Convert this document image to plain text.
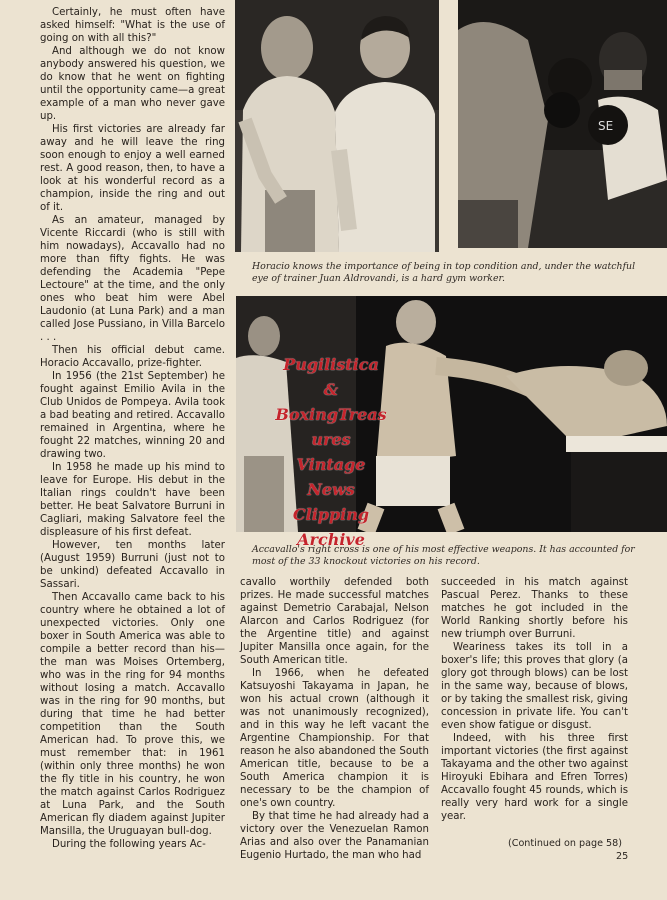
Certainly, he must often have asked himself: "What is the use of going on with all this?"

And although we do not know anybody answered his question, we do know that he went on fighting until the opportunity came—a great example of a man who never gave up.

His first victories are already far away and he will leave the ring soon enough to enjoy a well earned rest. A good reason, then, to have a look at his wonderful record as a champion, inside the ring and out of it.

As an amateur, managed by Vicente Riccardi (who is still with him nowadays), Accavallo had no more than fifty fights. He was defending the Academia "Pepe Lectoure" at the time, and the only ones who beat him were Abel Laudonio (at Luna Park) and a man called Jose Pussiano, in Villa Barcelo . . .

Then his official debut came. Horacio Accavallo, prize-fighter.

In 1956 (the 21st September) he fought against Emilio Avila in the Club Unidos de Pompeya. Avila took a bad beating and retired. Accavallo remained in Argentina, where he fought 22 matches, winning 20 and drawing two.

In 1958 he made up his mind to leave for Europe. His debut in the Italian rings couldn't have been better. He beat Salvatore Burruni in Cagliari, making Salvatore feel the displeasure of his first defeat.

However, ten months later (August 1959) Burruni (just not to be unkind) defeated Accavallo in Sassari.

Then Accavallo came back to his country where he obtained a lot of unexpected victories. Only one boxer in South America was able to compile a better record than his—the man was Moises Ortemberg, who was in the ring for 94 months without losing a match. Accavallo was in the ring for 90 months, but during that time he had better competition than the South American had. To prove this, we must remember that: in 1961 (within only three months) he won the fly title in his country, he won the match against Carlos Rodriguez at Luna Park, and the South American fly diadem against Jupiter Mansilla, the Uruguayan bull-dog.

During the following years Ac-

SE
Horacio knows the importance of being in top condition and, under the watchful eye of trainer Juan Aldrovandi, is a hard gym worker.
Pugilistica
&
BoxingTreas
ures
Vintage
News
Clipping
Archive
Accavallo's right cross is one of his most effective weapons. It has accounted for most of the 33 knockout victories on his record.

cavallo worthily defended both prizes. He made successful matches against Demetrio Carabajal, Nelson Alarcon and Carlos Rodriguez (for the Argentine title) and against Jupiter Mansilla once again, for the South American title.

In 1966, when he defeated Katsuyoshi Takayama in Japan, he won his actual crown (although it was not unanimously recognized), and in this way he left vacant the Argentine Championship. For that reason he also abandoned the South American title, because to be a South America champion it is necessary to be the champion of one's own country.

By that time he had already had a victory over the Venezuelan Ramon Arias and also over the Panamanian Eugenio Hurtado, the man who had

succeeded in his match against Pascual Perez. Thanks to these matches he got included in the World Ranking shortly before his new triumph over Burruni.

Weariness takes its toll in a boxer's life; this proves that glory (a glory got through blows) can be lost in the same way, because of blows, or by taking the smallest risk, giving concession in private life. You can't even show fatigue or disgust.

Indeed, with his three first important victories (the first against Takayama and the other two against Hiroyuki Ebihara and Efren Torres) Accavallo fought 45 rounds, which is really very hard work for a single year.

(Continued on page 58)
25
